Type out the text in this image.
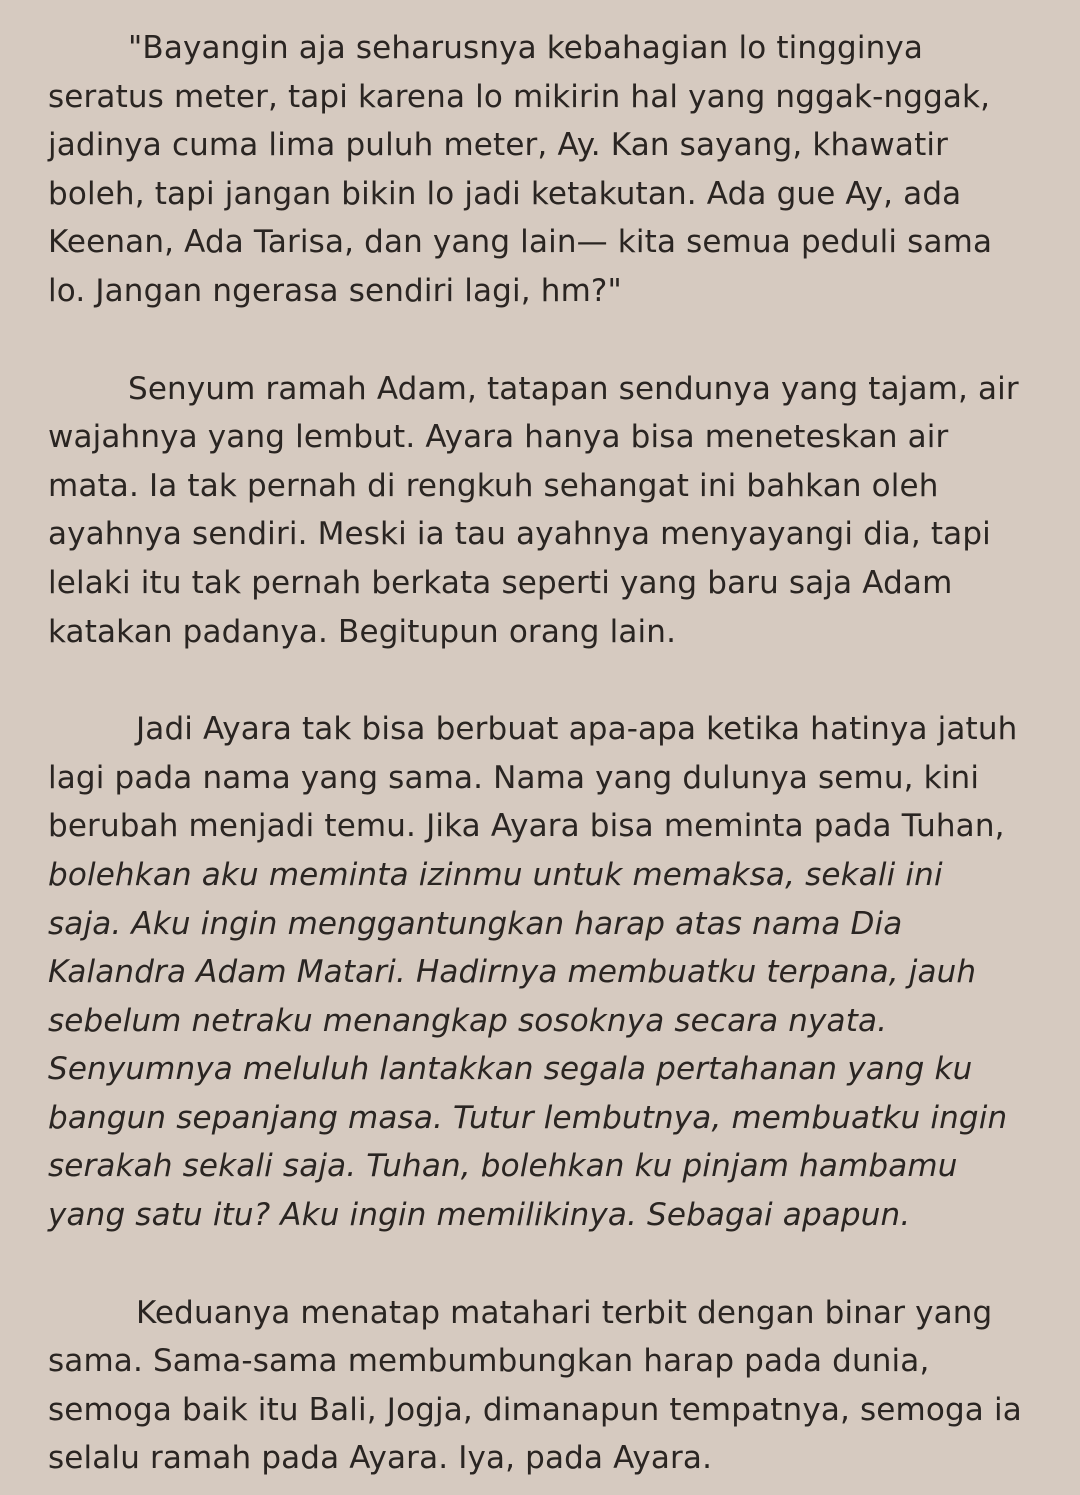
"Bayangin aja seharusnya kebahagian lo tingginya
seratus meter, tapi karena lo mikirin hal yang nggak-nggak,
jadinya cuma lima puluh meter, Ay. Kan sayang, khawatir
boleh, tapi jangan bikin lo jadi ketakutan. Ada gue Ay, ada
Keenan, Ada Tarisa, dan yang lain— kita semua peduli sama
lo. Jangan ngerasa sendiri lagi, hm?"
Senyum ramah Adam, tatapan sendunya yang tajam, air
wajahnya yang lembut. Ayara hanya bisa meneteskan air
mata. Ia tak pernah di rengkuh sehangat ini bahkan oleh
ayahnya sendiri. Meski ia tau ayahnya menyayangi dia, tapi
lelaki itu tak pernah berkata seperti yang baru saja Adam
katakan padanya. Begitupun orang lain.
Jadi Ayara tak bisa berbuat apa-apa ketika hatinya jatuh
lagi pada nama yang sama. Nama yang dulunya semu, kini
berubah menjadi temu. Jika Ayara bisa meminta pada Tuhan,
bolehkan aku meminta izinmu untuk memaksa, sekali ini
saja. Aku ingin menggantungkan harap atas nama Dia
Kalandra Adam Matari. Hadirnya membuatku terpana, jauh
sebelum netraku menangkap sosoknya secara nyata.
Senyumnya meluluh lantakkan segala pertahanan yang ku
bangun sepanjang masa. Tutur lembutnya, membuatku ingin
serakah sekali saja. Tuhan, bolehkan ku pinjam hambamu
yang satu itu? Aku ingin memilikinya. Sebagai apapun.
Keduanya menatap matahari terbit dengan binar yang
sama. Sama-sama membumbungkan harap pada dunia,
semoga baik itu Bali, Jogja, dimanapun tempatnya, semoga ia
selalu ramah pada Ayara. Iya, pada Ayara.
